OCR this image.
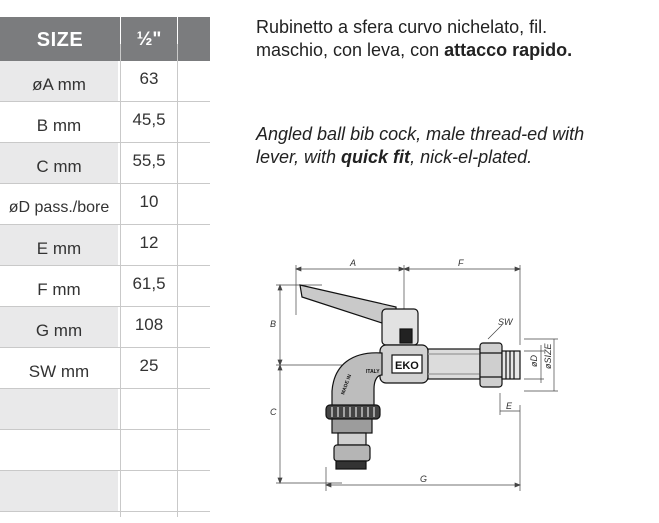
SIZE	½"
øA mm	63
B mm	45,5
C mm	55,5
øD pass./bore	10
E mm	12
F mm	61,5
G mm	108
SW mm	25
Rubinetto a sfera curvo nichelato, fil. maschio, con leva, con attacco rapido.
Angled ball bib cock, male thread-ed with lever, with quick fit, nick-el-plated.
A	F
B
C
SW
øD øSIZE
E
G
EKO
MADE IN
ITALY
